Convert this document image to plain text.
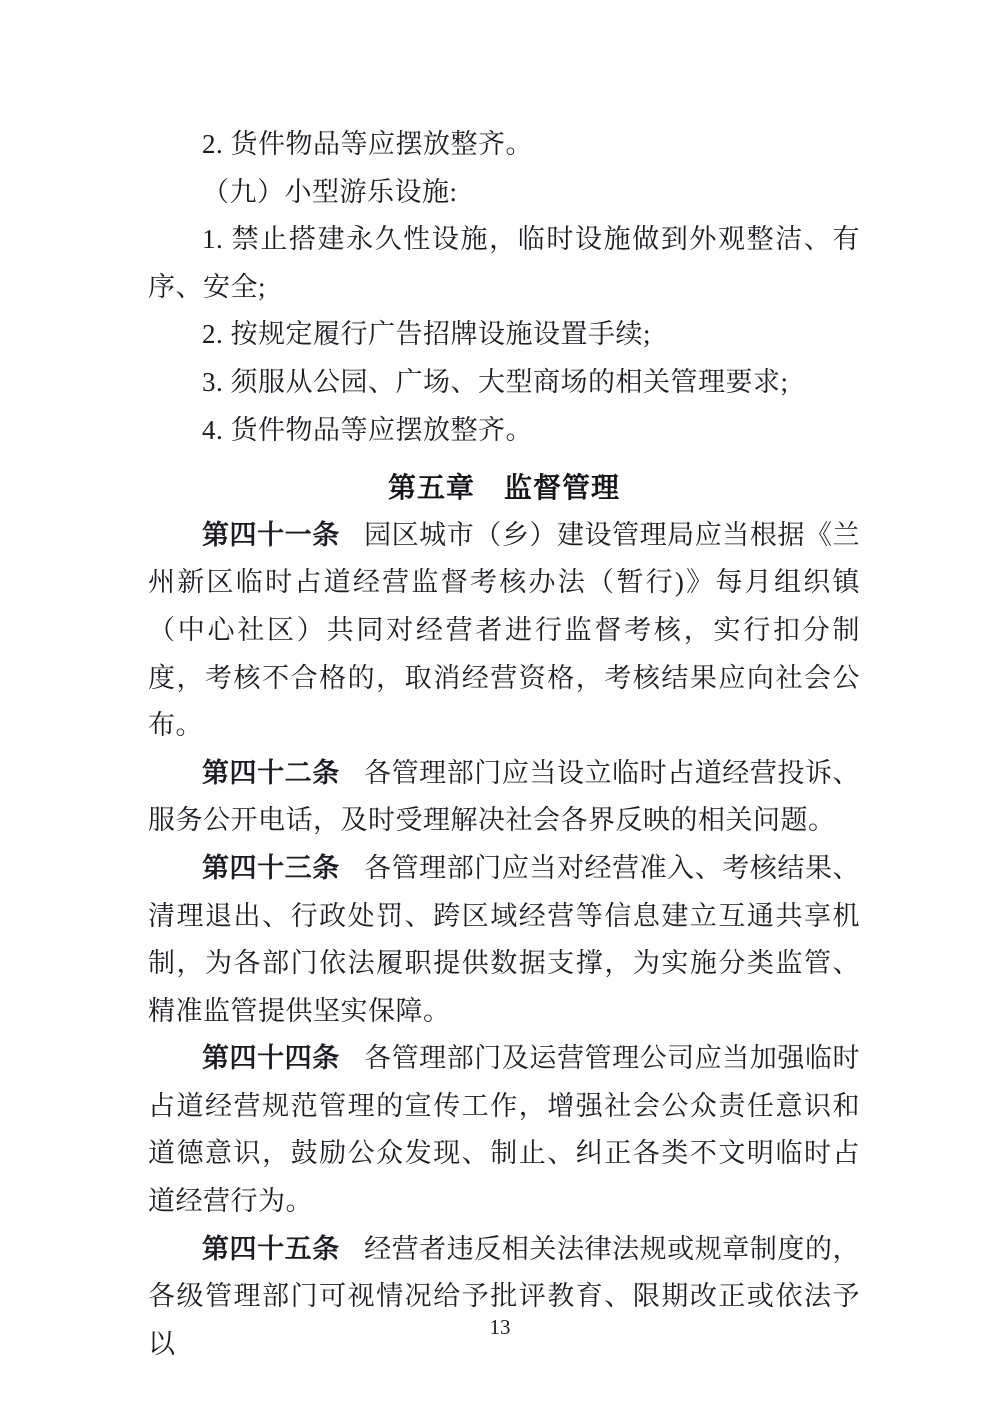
2. 货件物品等应摆放整齐。

（九）小型游乐设施:

1. 禁止搭建永久性设施，临时设施做到外观整洁、有序、安全;

2. 按规定履行广告招牌设施设置手续;

3. 须服从公园、广场、大型商场的相关管理要求;

4. 货件物品等应摆放整齐。

第五章　监督管理

第四十一条 园区城市（乡）建设管理局应当根据《兰州新区临时占道经营监督考核办法（暂行)》每月组织镇（中心社区）共同对经营者进行监督考核，实行扣分制度，考核不合格的，取消经营资格，考核结果应向社会公布。

第四十二条 各管理部门应当设立临时占道经营投诉、服务公开电话，及时受理解决社会各界反映的相关问题。

第四十三条 各管理部门应当对经营准入、考核结果、清理退出、行政处罚、跨区域经营等信息建立互通共享机制，为各部门依法履职提供数据支撑，为实施分类监管、精准监管提供坚实保障。

第四十四条 各管理部门及运营管理公司应当加强临时占道经营规范管理的宣传工作，增强社会公众责任意识和道德意识，鼓励公众发现、制止、纠正各类不文明临时占道经营行为。

第四十五条 经营者违反相关法律法规或规章制度的，各级管理部门可视情况给予批评教育、限期改正或依法予以

13
